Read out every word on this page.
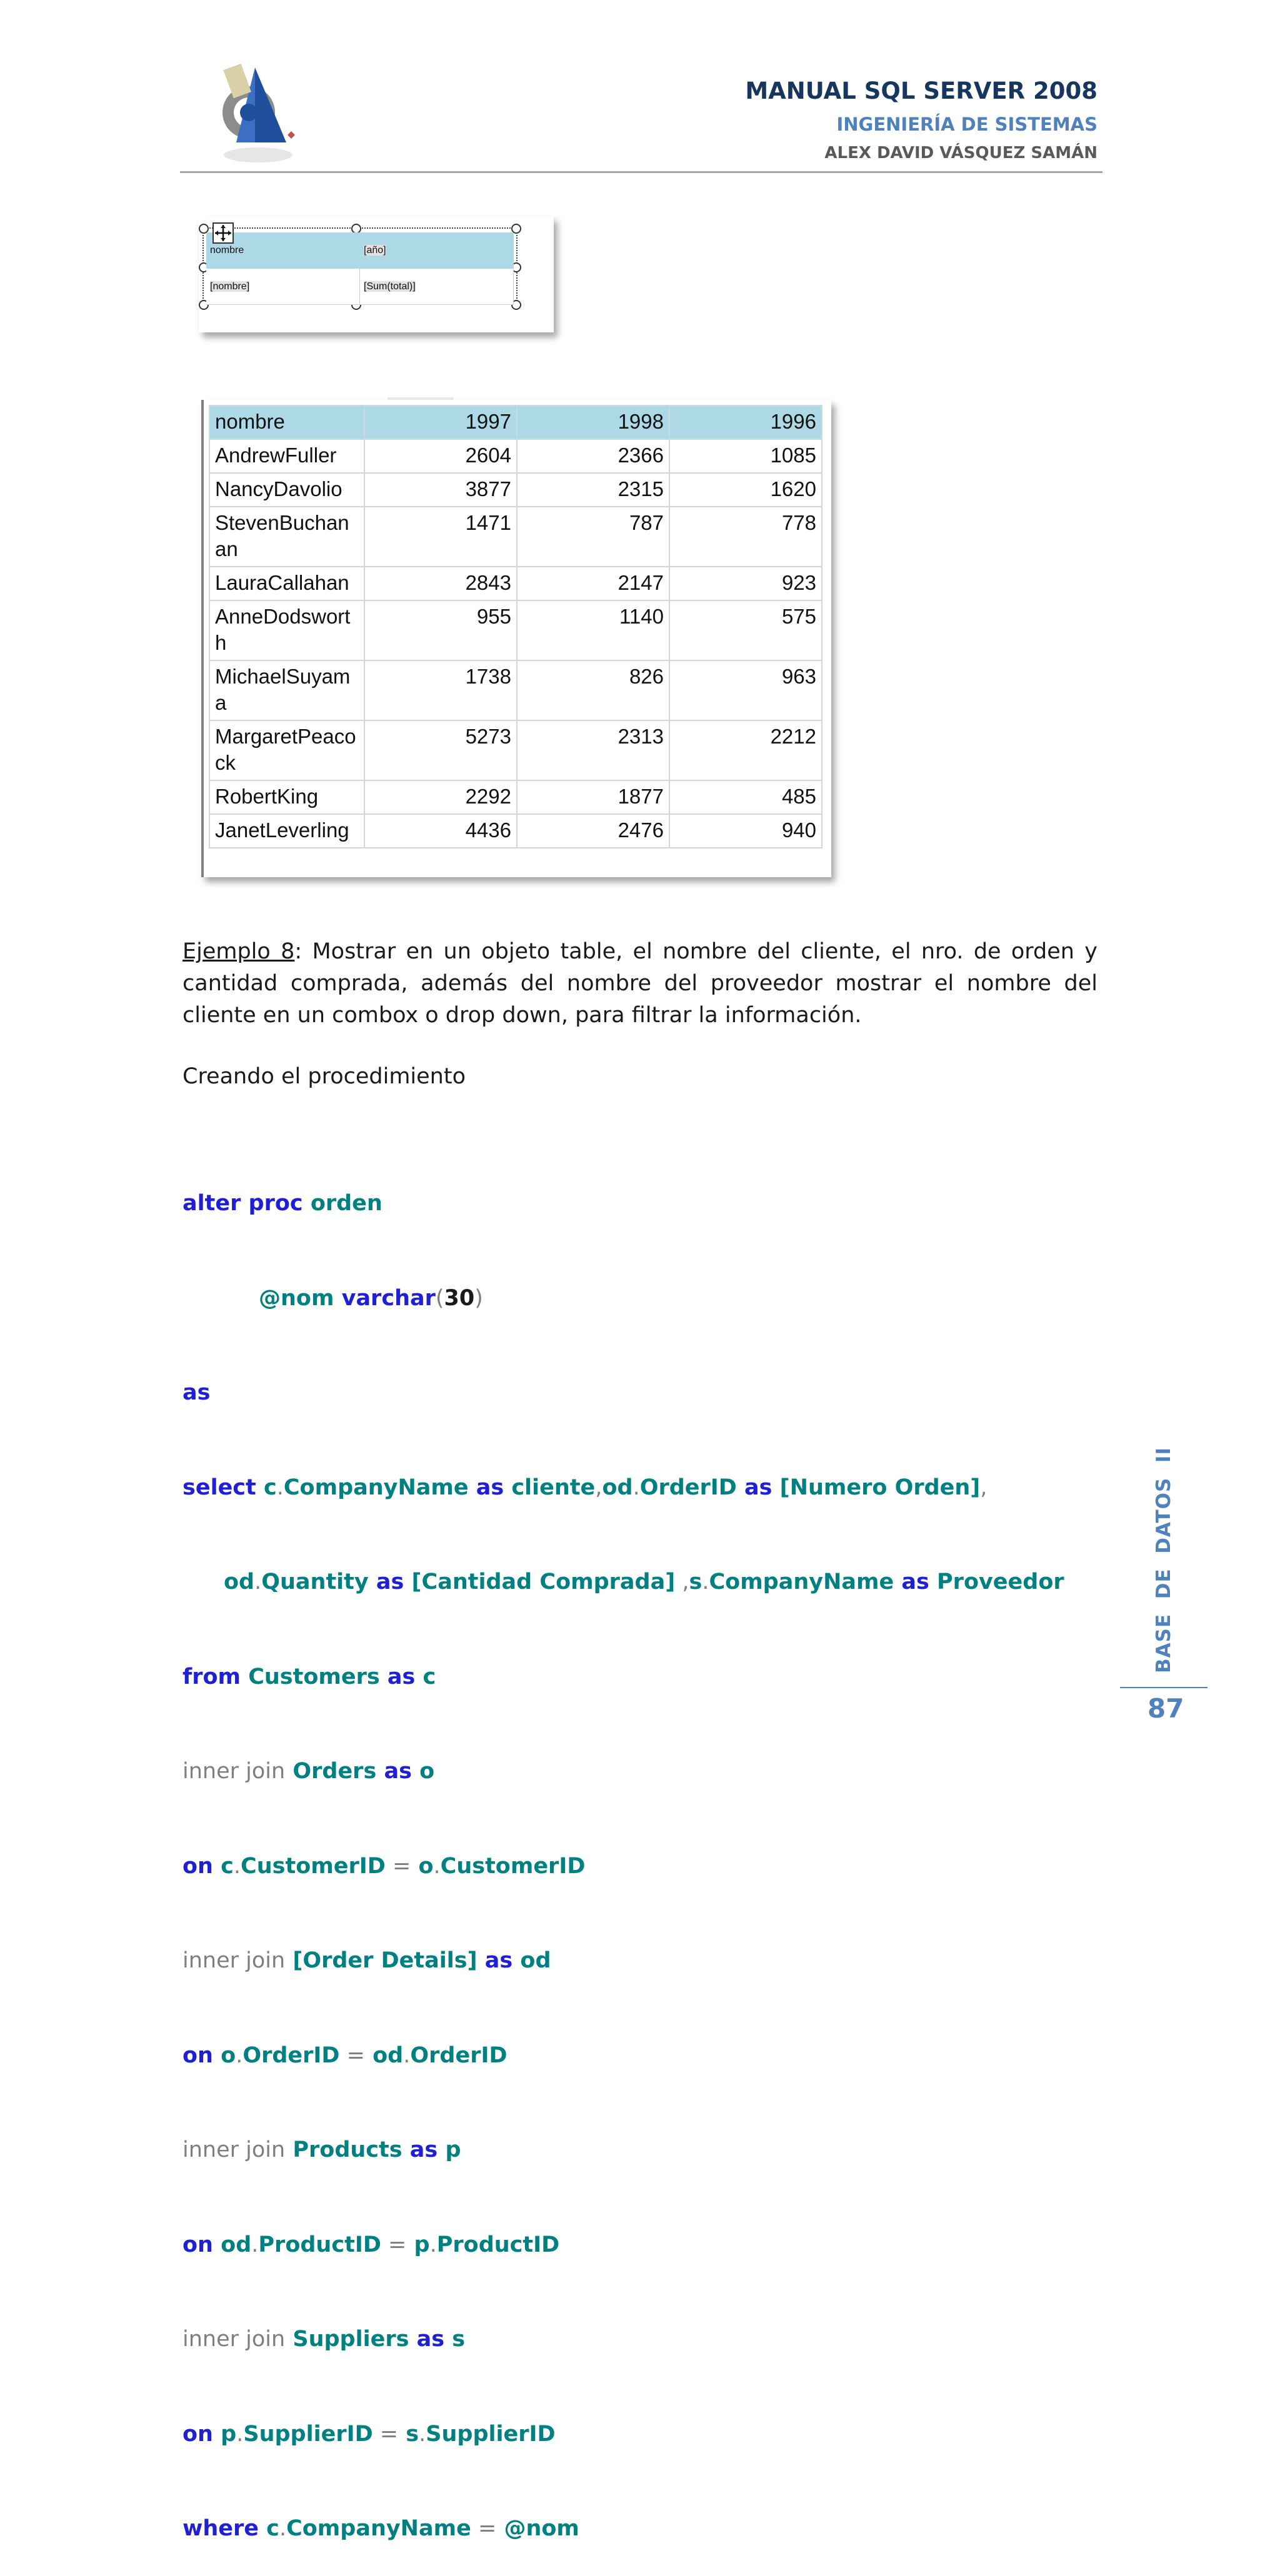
MANUAL SQL SERVER 2008
INGENIERÍA DE SISTEMAS
ALEX DAVID VÁSQUEZ SAMÁN
nombre	[año]
[nombre]	[Sum(total)]
nombre	1997	1998	1996
AndrewFuller	2604	2366	1085
NancyDavolio	3877	2315	1620
StevenBuchan
an	1471	787	778
LauraCallahan	2843	2147	923
AnneDodswort
h	955	1140	575
MichaelSuyam
a	1738	826	963
MargaretPeaco
ck	5273	2313	2212
RobertKing	2292	1877	485
JanetLeverling	4436	2476	940
Ejemplo 8: Mostrar en un objeto table, el nombre del cliente, el nro. de orden y cantidad comprada, además del nombre del proveedor mostrar el nombre del cliente en un combox o drop down, para filtrar la información.
Creando el procedimiento

alter proc orden

@nom varchar(30)

as

select c.CompanyName as cliente,od.OrderID as [Numero Orden],

od.Quantity as [Cantidad Comprada] ,s.CompanyName as Proveedor

from Customers as c

inner join Orders as o

on c.CustomerID = o.CustomerID

inner join [Order Details] as od

on o.OrderID = od.OrderID

inner join Products as p

on od.ProductID = p.ProductID

inner join Suppliers as s

on p.SupplierID = s.SupplierID

where c.CompanyName = @nom

BASE  DE  DATOS  II
87
